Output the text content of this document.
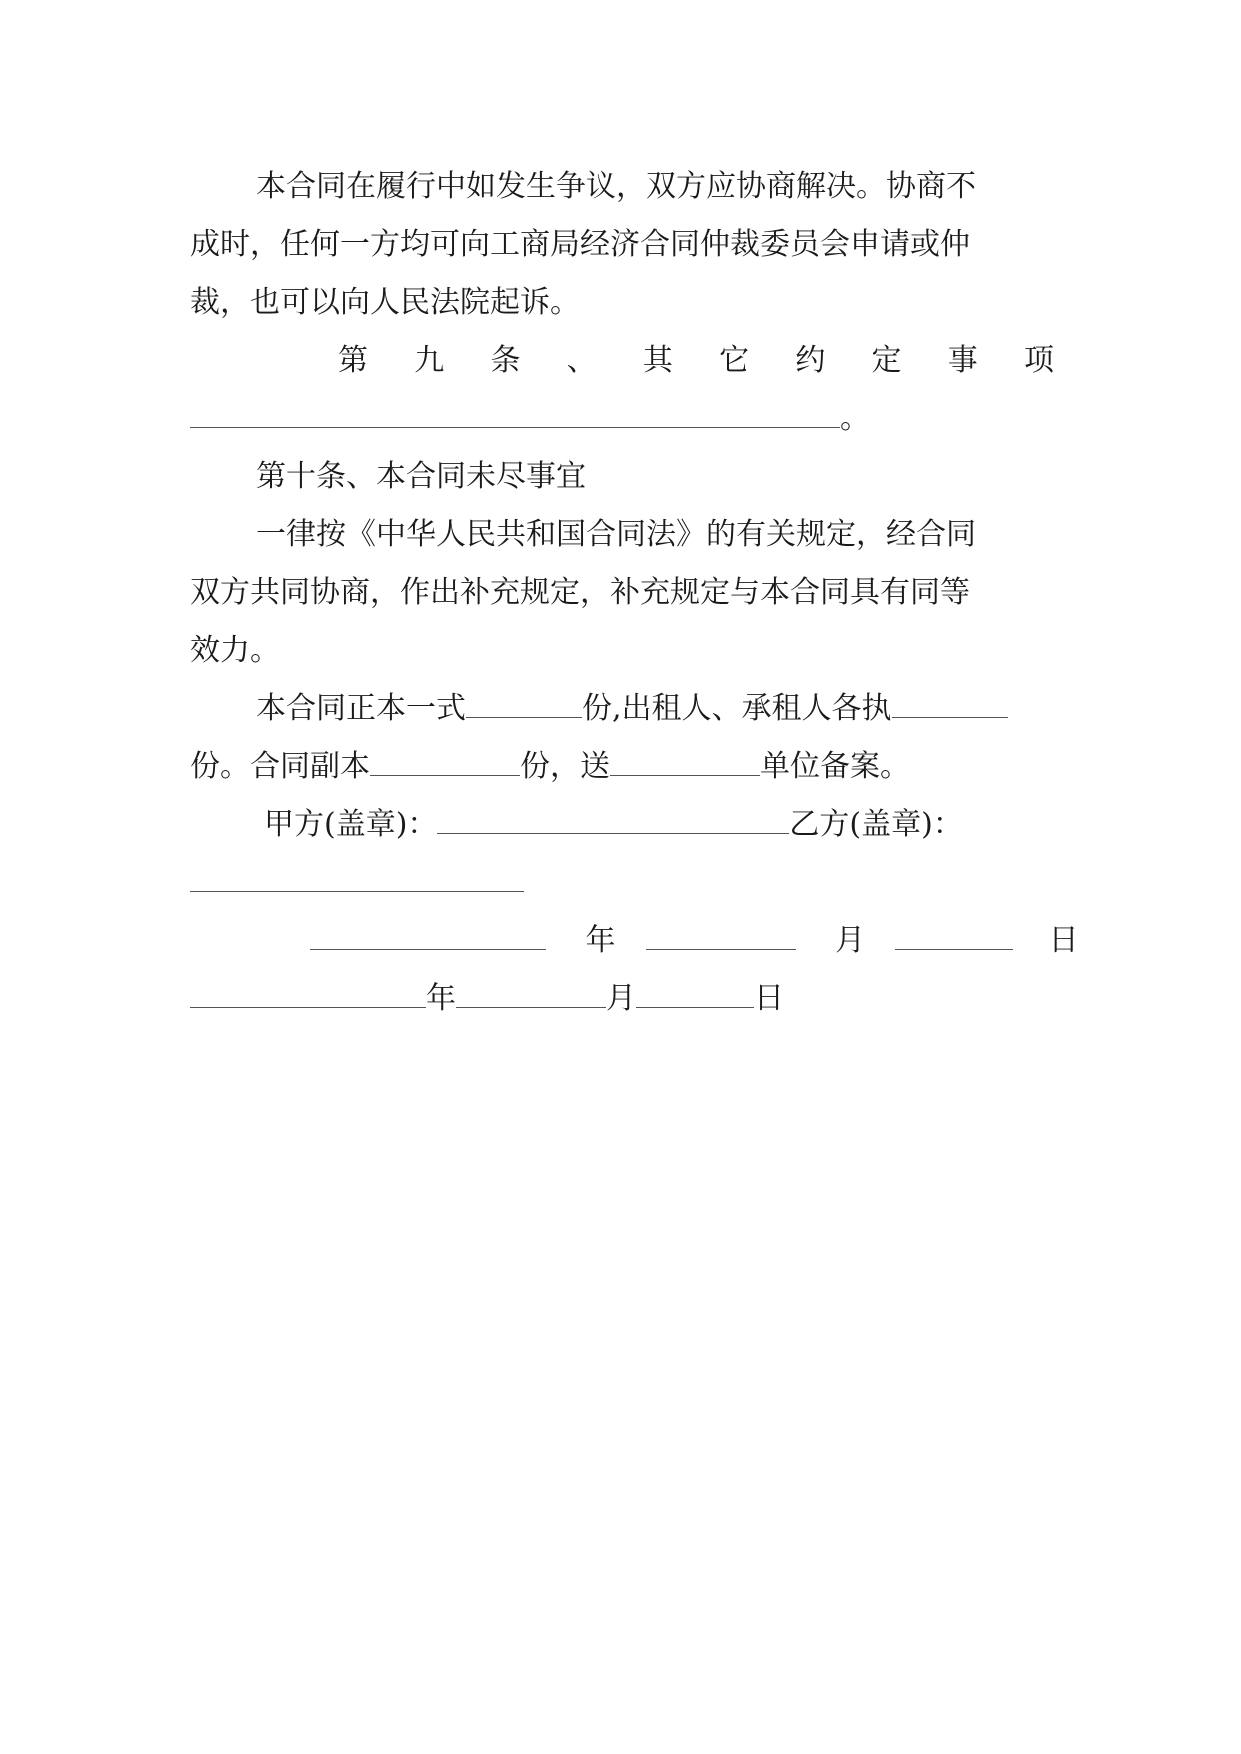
本合同在履行中如发生争议，双方应协商解决。协商不
成时，任何一方均可向工商局经济合同仲裁委员会申请或仲
裁，也可以向人民法院起诉。
第 九 条 、 其 它 约 定 事 项
。
第十条、本合同未尽事宜
一律按《中华人民共和国合同法》的有关规定，经合同
双方共同协商，作出补充规定，补充规定与本合同具有同等
效力。
本合同正本一式	份,出租人、承租人各执
份。合同副本	份，送	单位备案。
甲方(盖章)：	乙方(盖章)：
年	月	日
年	月	日
